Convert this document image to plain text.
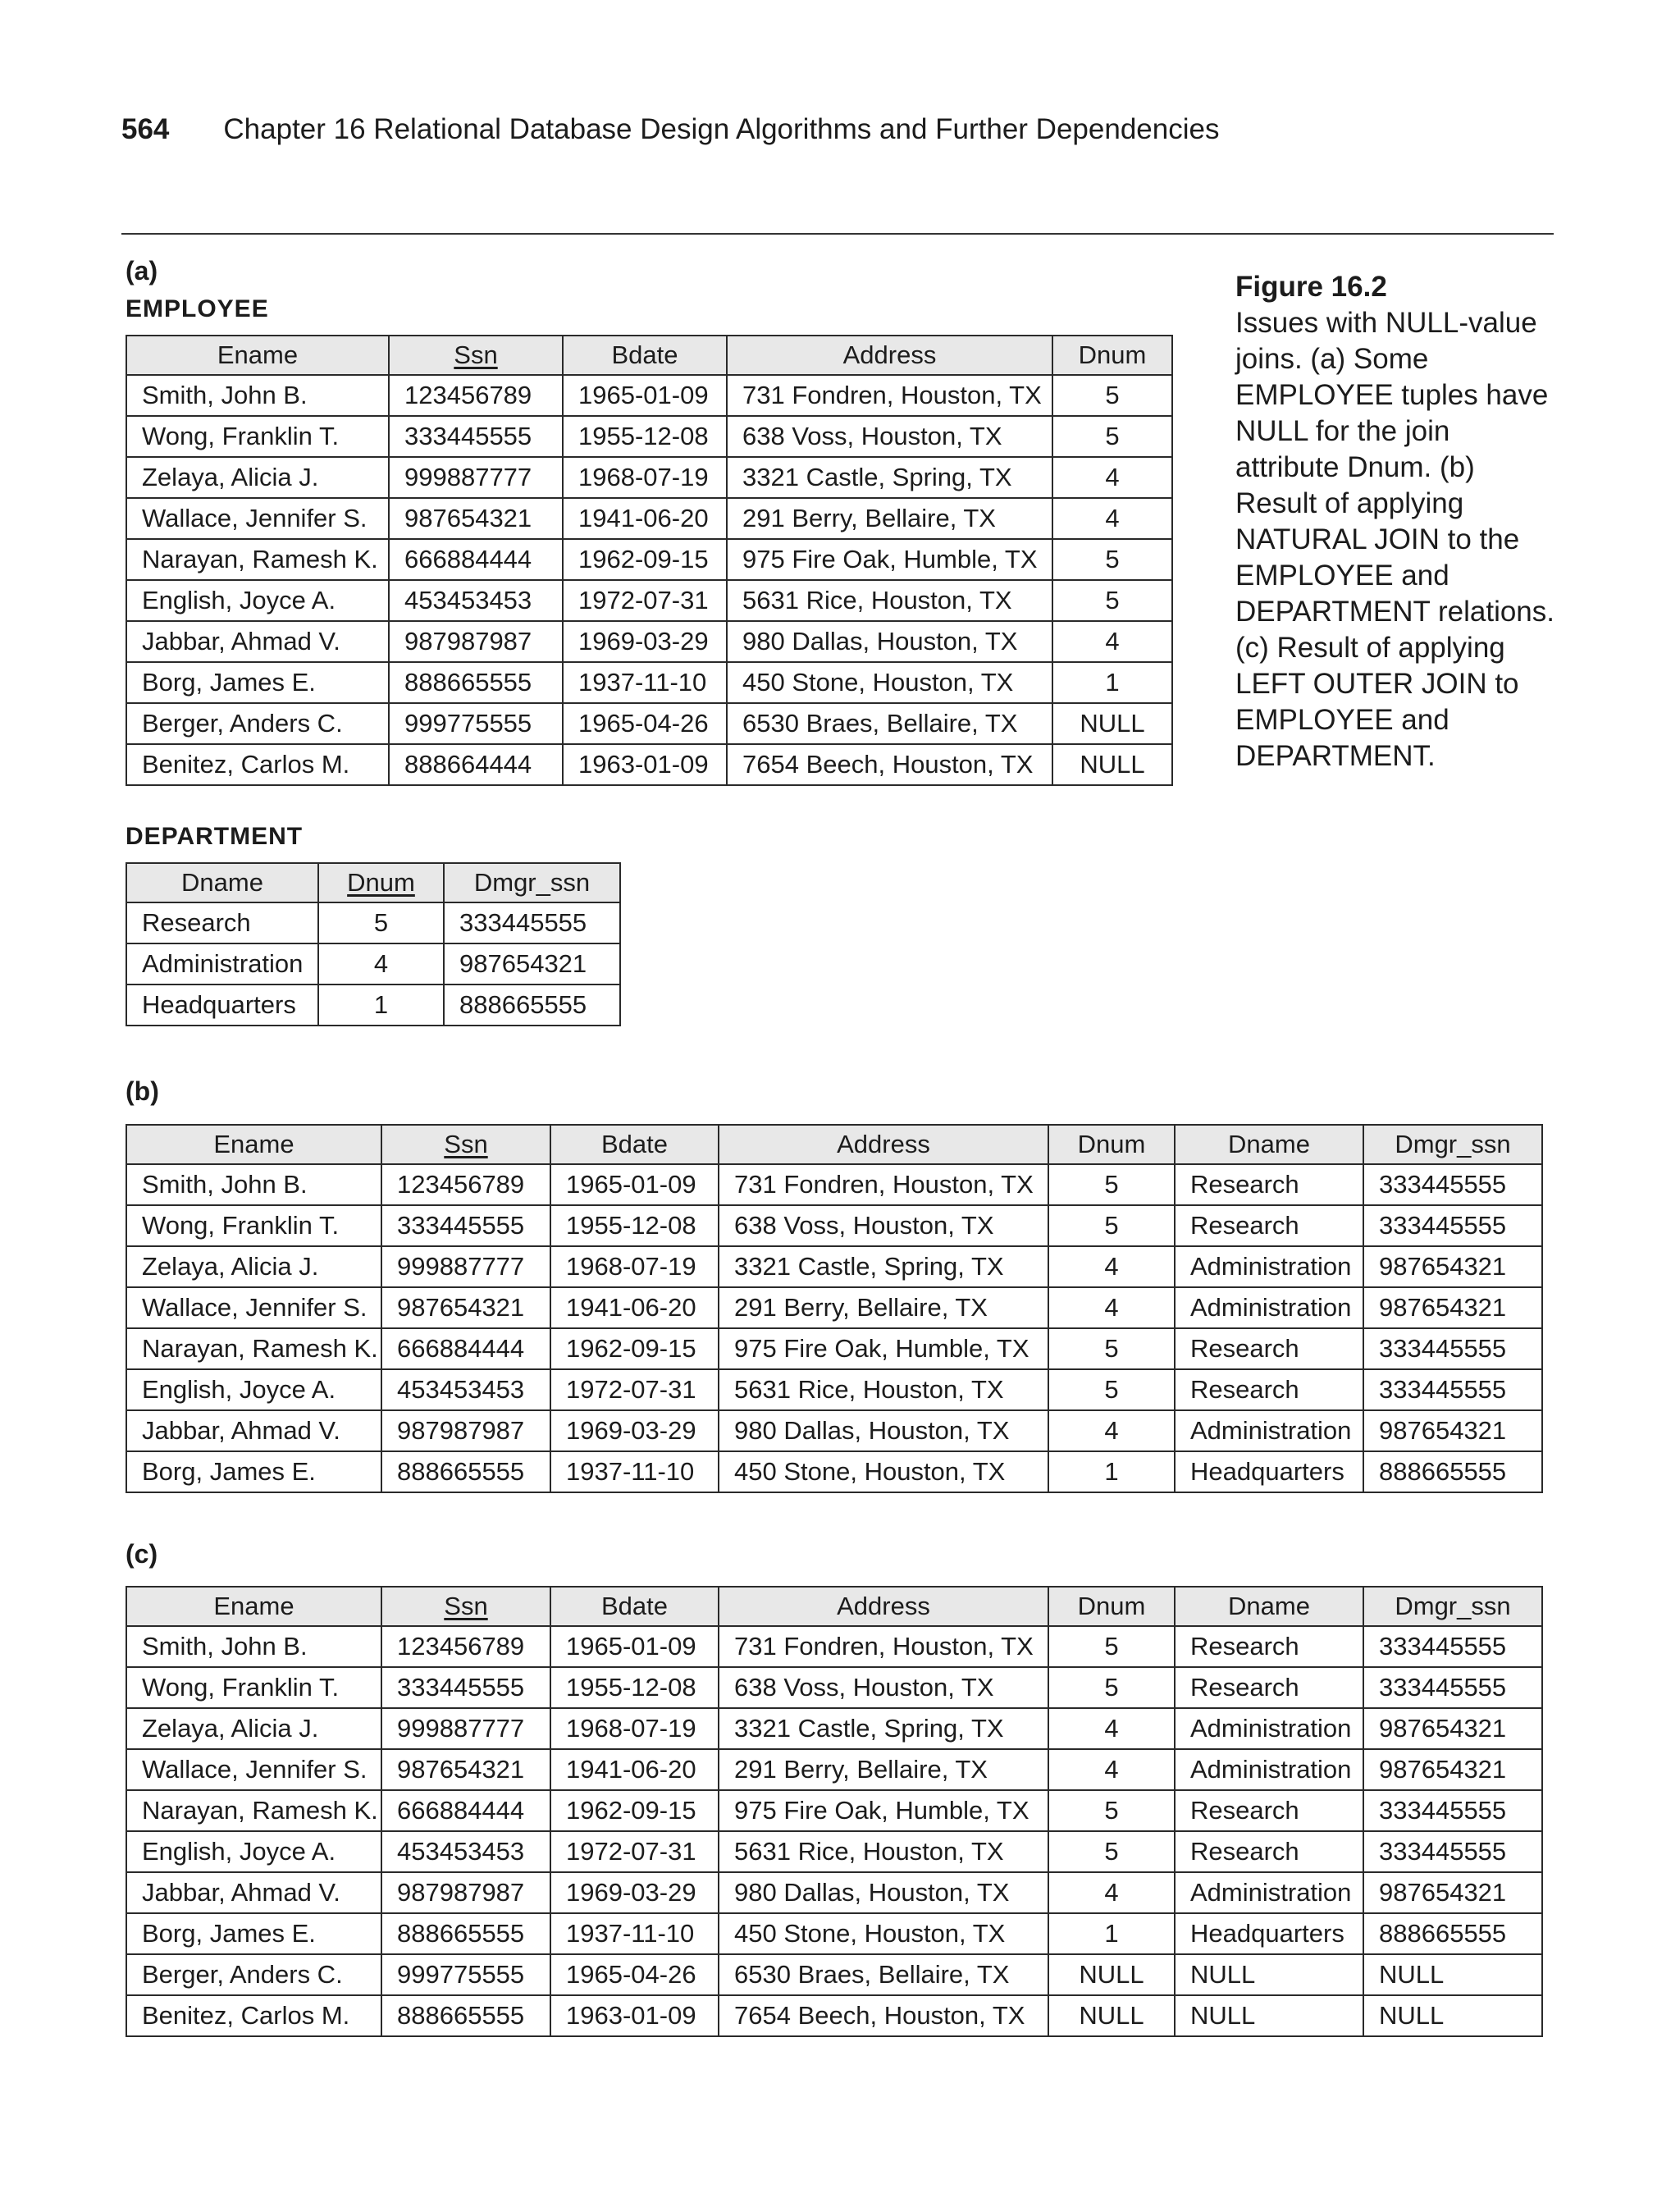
564 Chapter 16 Relational Database Design Algorithms and Further Dependencies
(a)
EMPLOYEE
Ename	Ssn	Bdate	Address	Dnum
Smith, John B.	123456789	1965-01-09	731 Fondren, Houston, TX	5
Wong, Franklin T.	333445555	1955-12-08	638 Voss, Houston, TX	5
Zelaya, Alicia J.	999887777	1968-07-19	3321 Castle, Spring, TX	4
Wallace, Jennifer S.	987654321	1941-06-20	291 Berry, Bellaire, TX	4
Narayan, Ramesh K.	666884444	1962-09-15	975 Fire Oak, Humble, TX	5
English, Joyce A.	453453453	1972-07-31	5631 Rice, Houston, TX	5
Jabbar, Ahmad V.	987987987	1969-03-29	980 Dallas, Houston, TX	4
Borg, James E.	888665555	1937-11-10	450 Stone, Houston, TX	1
Berger, Anders C.	999775555	1965-04-26	6530 Braes, Bellaire, TX	NULL
Benitez, Carlos M.	888664444	1963-01-09	7654 Beech, Houston, TX	NULL
DEPARTMENT
Dname	Dnum	Dmgr_ssn
Research	5	333445555
Administration	4	987654321
Headquarters	1	888665555
(b)
Ename	Ssn	Bdate	Address	Dnum	Dname	Dmgr_ssn
Smith, John B.	123456789	1965-01-09	731 Fondren, Houston, TX	5	Research	333445555
Wong, Franklin T.	333445555	1955-12-08	638 Voss, Houston, TX	5	Research	333445555
Zelaya, Alicia J.	999887777	1968-07-19	3321 Castle, Spring, TX	4	Administration	987654321
Wallace, Jennifer S.	987654321	1941-06-20	291 Berry, Bellaire, TX	4	Administration	987654321
Narayan, Ramesh K.	666884444	1962-09-15	975 Fire Oak, Humble, TX	5	Research	333445555
English, Joyce A.	453453453	1972-07-31	5631 Rice, Houston, TX	5	Research	333445555
Jabbar, Ahmad V.	987987987	1969-03-29	980 Dallas, Houston, TX	4	Administration	987654321
Borg, James E.	888665555	1937-11-10	450 Stone, Houston, TX	1	Headquarters	888665555
(c)
Ename	Ssn	Bdate	Address	Dnum	Dname	Dmgr_ssn
Smith, John B.	123456789	1965-01-09	731 Fondren, Houston, TX	5	Research	333445555
Wong, Franklin T.	333445555	1955-12-08	638 Voss, Houston, TX	5	Research	333445555
Zelaya, Alicia J.	999887777	1968-07-19	3321 Castle, Spring, TX	4	Administration	987654321
Wallace, Jennifer S.	987654321	1941-06-20	291 Berry, Bellaire, TX	4	Administration	987654321
Narayan, Ramesh K.	666884444	1962-09-15	975 Fire Oak, Humble, TX	5	Research	333445555
English, Joyce A.	453453453	1972-07-31	5631 Rice, Houston, TX	5	Research	333445555
Jabbar, Ahmad V.	987987987	1969-03-29	980 Dallas, Houston, TX	4	Administration	987654321
Borg, James E.	888665555	1937-11-10	450 Stone, Houston, TX	1	Headquarters	888665555
Berger, Anders C.	999775555	1965-04-26	6530 Braes, Bellaire, TX	NULL	NULL	NULL
Benitez, Carlos M.	888665555	1963-01-09	7654 Beech, Houston, TX	NULL	NULL	NULL
Figure 16.2
Issues with NULL-value joins. (a) Some EMPLOYEE tuples have NULL for the join attribute Dnum. (b) Result of applying NATURAL JOIN to the EMPLOYEE and DEPARTMENT relations. (c) Result of applying LEFT OUTER JOIN to EMPLOYEE and DEPARTMENT.
